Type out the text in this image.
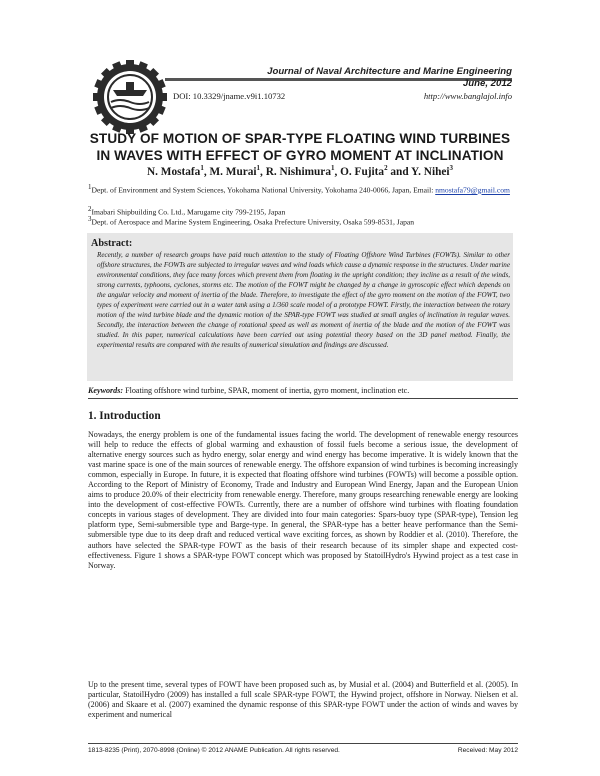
Journal of Naval Architecture and Marine Engineering
June, 2012
DOI: 10.3329/jname.v9i1.10732	http://www.banglajol.info
STUDY OF MOTION OF SPAR-TYPE FLOATING WIND TURBINES
IN WAVES WITH EFFECT OF GYRO MOMENT AT INCLINATION
N. Mostafa$^1$, M. Murai$^1$, R. Nishimura$^1$, O. Fujita$^2$ and Y. Nihei$^3$
$^1$Dept. of Environment and System Sciences, Yokohama National University, Yokohama 240-0066, Japan, Email: nmostafa79@gmail.com
$^2$Imabari Shipbuilding Co. Ltd., Marugame city 799-2195, Japan
$^3$Dept. of Aerospace and Marine System Engineering, Osaka Prefecture University, Osaka 599-8531, Japan
Abstract:
Recently, a number of research groups have paid much attention to the study of Floating Offshore Wind Turbines (FOWTs). Similar to other offshore structures, the FOWTs are subjected to irregular waves and wind loads which cause a dynamic response in the structures. Under marine environmental conditions, they face many forces which prevent them from floating in the upright condition; they incline as a result of the winds, strong currents, typhoons, cyclones, storms etc. The motion of the FOWT might be changed by a change in gyroscopic effect which depends on the angular velocity and moment of inertia of the blade. Therefore, to investigate the effect of the gyro moment on the motion of the FOWT, two types of experiment were carried out in a water tank using a 1/360 scale model of a prototype FOWT. Firstly, the interaction between the rotary motion of the wind turbine blade and the dynamic motion of the SPAR-type FOWT was studied at small angles of inclination in regular waves. Secondly, the interaction between the change of rotational speed as well as moment of inertia of the blade and the motion of the FOWT was studied. In this paper, numerical calculations have been carried out using potential theory based on the 3D panel method. Finally, the experimental results are compared with the results of numerical simulation and findings are discussed.
Keywords: Floating offshore wind turbine, SPAR, moment of inertia, gyro moment, inclination etc.
1. Introduction
Nowadays, the energy problem is one of the fundamental issues facing the world. The development of renewable energy resources will help to reduce the effects of global warming and exhaustion of fossil fuels become a serious issue, the development of alternative energy sources such as hydro energy, solar energy and wind energy has become imperative. It is widely known that the vast marine space is one of the main sources of renewable energy. The offshore expansion of wind turbines is becoming increasingly common, especially in Europe. In future, it is expected that floating offshore wind turbines (FOWTs) will become a possible option. According to the Report of Ministry of Economy, Trade and Industry and European Wind Energy, Japan and the European Union aims to produce 20.0% of their electricity from renewable energy. Therefore, many groups researching renewable energy are looking into the development of cost-effective FOWTs. Currently, there are a number of offshore wind turbines with floating foundation concepts in various stages of development. They are divided into four main categories: Spars-buoy type (SPAR-type), Tension leg platform type, Semi-submersible type and Barge-type. In general, the SPAR-type has a better heave performance than the Semi-submersible type due to its deep draft and reduced vertical wave exciting forces, as shown by Roddier et al. (2010). Therefore, the authors have selected the SPAR-type FOWT as the basis of their research because of its simpler shape and expected cost-effectiveness. Figure 1 shows a SPAR-type FOWT concept which was proposed by StatoilHydro's Hywind project as a test case in Norway.
Up to the present time, several types of FOWT have been proposed such as, by Musial et al. (2004) and Butterfield et al. (2005). In particular, StatoilHydro (2009) has installed a full scale SPAR-type FOWT, the Hywind project, offshore in Norway. Nielsen et al. (2006) and Skaare et al. (2007) examined the dynamic response of this SPAR-type FOWT under the action of winds and waves by experiment and numerical
1813-8235 (Print), 2070-8998 (Online) © 2012 ANAME Publication. All rights reserved.	Received: May 2012
